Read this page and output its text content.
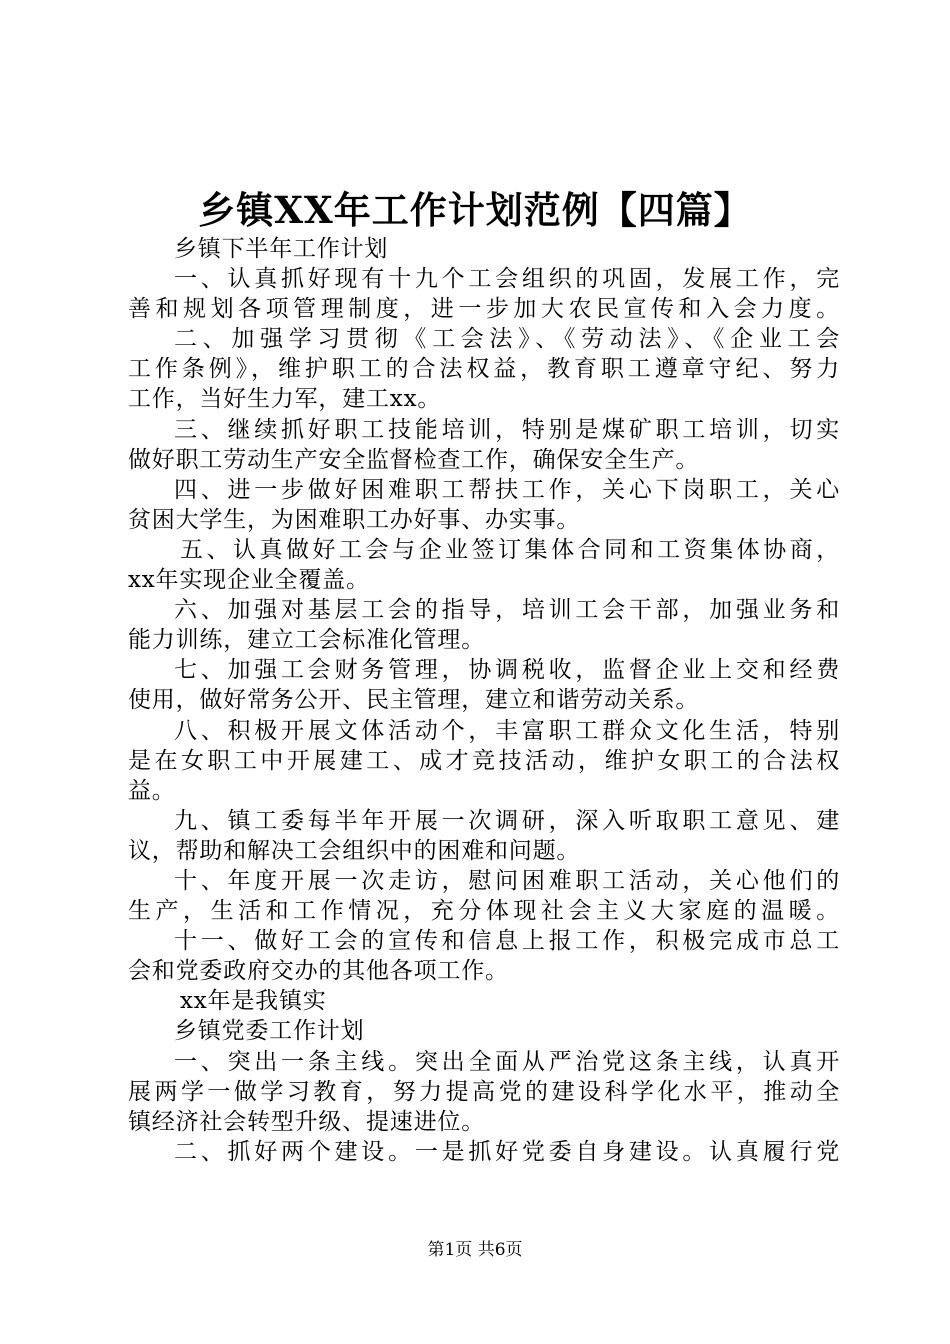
乡镇XX年工作计划范例【四篇】
乡镇下半年工作计划
一、认真抓好现有十九个工会组织的巩固，发展工作，完
善和规划各项管理制度，进一步加大农民宣传和入会力度。
二、加强学习贯彻《工会法》、《劳动法》、《企业工会
工作条例》，维护职工的合法权益，教育职工遵章守纪、努力
工作，当好生力军，建工xx。
三、继续抓好职工技能培训，特别是煤矿职工培训，切实
做好职工劳动生产安全监督检查工作，确保安全生产。
四、进一步做好困难职工帮扶工作，关心下岗职工，关心
贫困大学生，为困难职工办好事、办实事。
五、认真做好工会与企业签订集体合同和工资集体协商，
xx年实现企业全覆盖。
六、加强对基层工会的指导，培训工会干部，加强业务和
能力训练，建立工会标准化管理。
七、加强工会财务管理，协调税收，监督企业上交和经费
使用，做好常务公开、民主管理，建立和谐劳动关系。
八、积极开展文体活动个，丰富职工群众文化生活，特别
是在女职工中开展建工、成才竞技活动，维护女职工的合法权
益。
九、镇工委每半年开展一次调研，深入听取职工意见、建
议，帮助和解决工会组织中的困难和问题。
十、年度开展一次走访，慰问困难职工活动，关心他们的
生产，生活和工作情况，充分体现社会主义大家庭的温暖。
十一、做好工会的宣传和信息上报工作，积极完成市总工
会和党委政府交办的其他各项工作。
xx年是我镇实
乡镇党委工作计划
一、突出一条主线。突出全面从严治党这条主线，认真开
展两学一做学习教育，努力提高党的建设科学化水平，推动全
镇经济社会转型升级、提速进位。
二、抓好两个建设。一是抓好党委自身建设。认真履行党
第1页 共6页
